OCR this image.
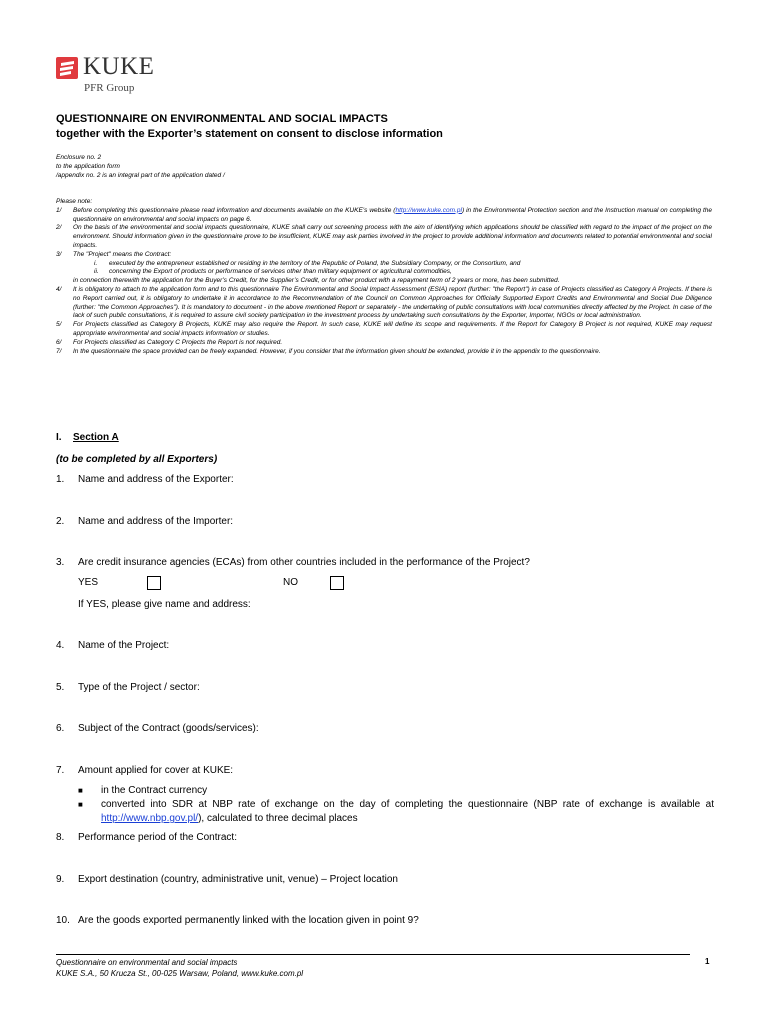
KUKE
PFR Group
QUESTIONNAIRE ON ENVIRONMENTAL AND SOCIAL IMPACTS
together with the Exporter’s statement on consent to disclose information
Enclosure no. 2
to the application form
/appendix no. 2 is an integral part of the application dated /
Please note:
1/	Before completing this questionnaire please read information and documents available on the KUKE’s website (http://www.kuke.com.pl) in the Environmental Protection section and the Instruction manual on completing the questionnaire on environmental and social impacts on page 6.
2/	On the basis of the environmental and social impacts questionnaire, KUKE shall carry out screening process with the aim of identifying which applications should be classified with regard to the impact of the project on the environment. Should information given in the questionnaire prove to be insufficient, KUKE may ask parties involved in the project to provide additional information and documents related to potential environmental and social impacts.
3/	The "Project" means the Contract:
i.	executed by the entrepreneur established or residing in the territory of the Republic of Poland, the Subsidiary Company, or the Consortium, and
ii.	concerning the Export of products or performance of services other than military equipment or agricultural commodities,
in connection therewith the application for the Buyer’s Credit, for the Supplier’s Credit, or for other product with a repayment term of 2 years or more, has been submitted.
4/	It is obligatory to attach to the application form and to this questionnaire The Environmental and Social Impact Assessment (ESIA) report (further: "the Report") in case of Projects classified as Category A Projects. If there is no Report carried out, it is obligatory to undertake it in accordance to the Recommendation of the Council on Common Approaches for Officially Supported Export Credits and Environmental and Social Due Diligence (further: "the Common Approaches"). It is mandatory to document - in the above mentioned Report or separately - the undertaking of public consultations with local communities directly affected by the Project. In case of the lack of such public consultations, it is required to assure civil society participation in the investment process by undertaking such consultations by the Exporter, Importer, NGOs or local administration.
5/	For Projects classified as Category B Projects, KUKE may also require the Report. In such case, KUKE will define its scope and requirements. If the Report for Category B Project is not required, KUKE may request appropriate environmental and social impacts information or studies.
6/	For Projects classified as Category C Projects the Report is not required.
7/	In the questionnaire the space provided can be freely expanded. However, if you consider that the information given should be extended, provide it in the appendix to the questionnaire.
I. Section A
(to be completed by all Exporters)
1. Name and address of the Exporter:
2. Name and address of the Importer:
3. Are credit insurance agencies (ECAs) from other countries included in the performance of the Project?
YES	NO
If YES, please give name and address:
4. Name of the Project:
5. Type of the Project / sector:
6. Subject of the Contract (goods/services):
7. Amount applied for cover at KUKE:
■	in the Contract currency
■	converted into SDR at NBP rate of exchange on the day of completing the questionnaire (NBP rate of exchange is available at http://www.nbp.gov.pl/), calculated to three decimal places
8. Performance period of the Contract:
9. Export destination (country, administrative unit, venue) – Project location
10. Are the goods exported permanently linked with the location given in point 9?
Questionnaire on environmental and social impacts
KUKE S.A., 50 Krucza St., 00-025 Warsaw, Poland, www.kuke.com.pl
1
